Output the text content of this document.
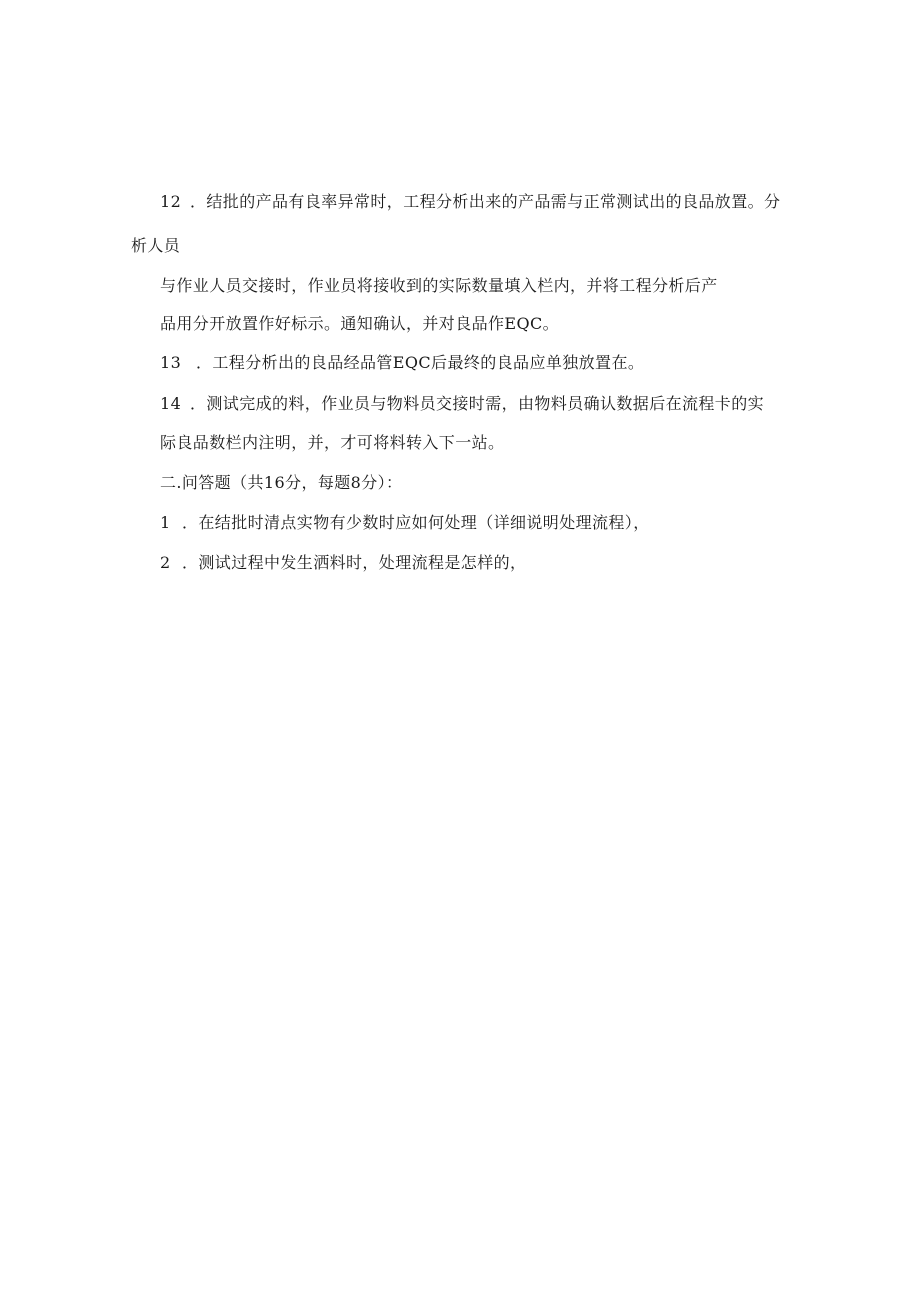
12 ．结批的产品有良率异常时，工程分析出来的产品需与正常测试出的良品放置。分
析人员
与作业人员交接时，作业员将接收到的实际数量填入栏内，并将工程分析后产
品用分开放置作好标示。通知确认，并对良品作EQC。
13 ．工程分析出的良品经品管EQC后最终的良品应单独放置在。
14 ．测试完成的料，作业员与物料员交接时需，由物料员确认数据后在流程卡的实
际良品数栏内注明，并，才可将料转入下一站。
二.问答题（共16分，每题8分）：
1 ．在结批时清点实物有少数时应如何处理（详细说明处理流程），
2 ．测试过程中发生洒料时，处理流程是怎样的，
